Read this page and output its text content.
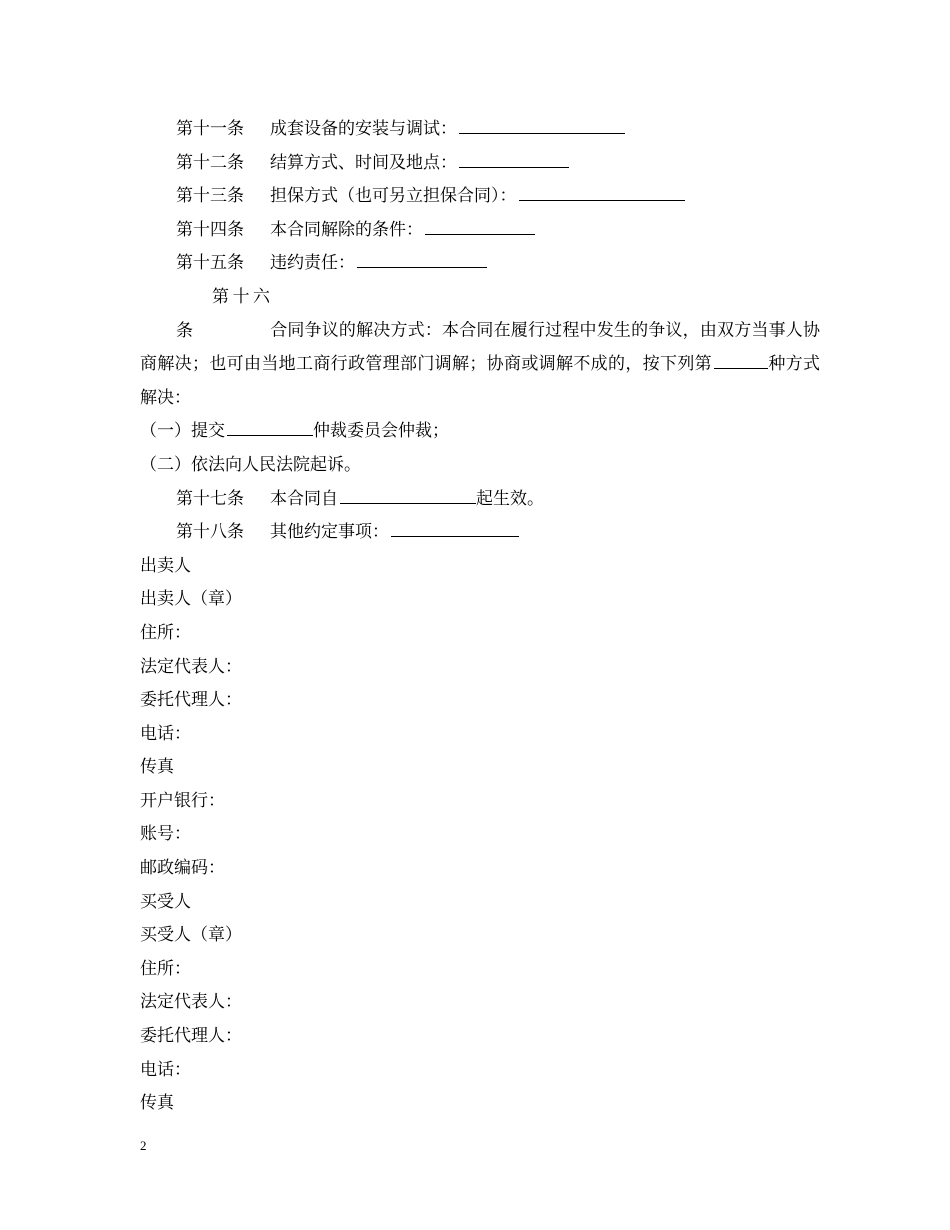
第十一条 成套设备的安装与调试：
第十二条 结算方式、时间及地点：
第十三条 担保方式（也可另立担保合同）：
第十四条 本合同解除的条件：
第十五条 违约责任：
第十六条	合同争议的解决方式：本合同在履行过程中发生的争议，由双方当事人协商解决；也可由当地工商行政管理部门调解；协商或调解不成的，按下列第	种方式解决：
（一）提交	仲裁委员会仲裁；
（二）依法向人民法院起诉。
第十七条 本合同自	起生效。
第十八条 其他约定事项：
出卖人
出卖人（章）
住所：
法定代表人：
委托代理人：
电话：
传真
开户银行：
账号：
邮政编码：
买受人
买受人（章）
住所：
法定代表人：
委托代理人：
电话：
传真
2
